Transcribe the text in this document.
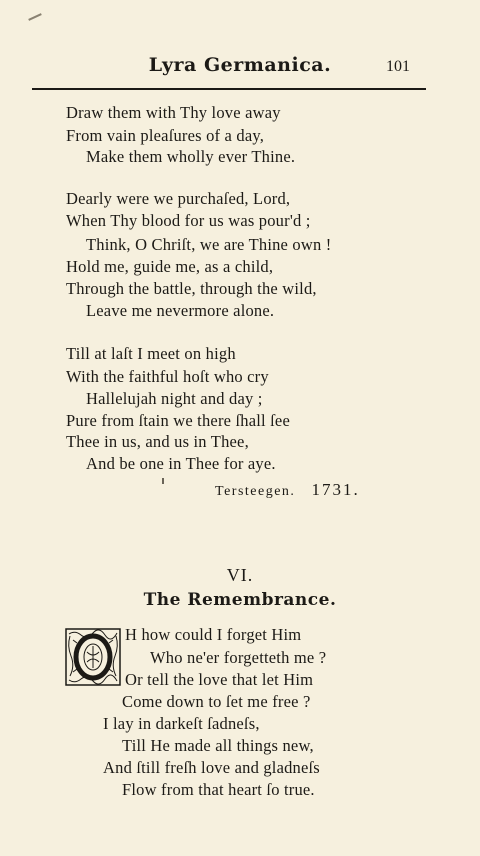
Lyra Germanica.	101
Draw them with Thy love away
From vain pleaſures of a day,
Make them wholly ever Thine.
Dearly were we purchaſed, Lord,
When Thy blood for us was pour'd ;
Think, O Chriſt, we are Thine own !
Hold me, guide me, as a child,
Through the battle, through the wild,
Leave me nevermore alone.
Till at laſt I meet on high
With the faithful hoſt who cry
Hallelujah night and day ;
Pure from ſtain we there ſhall ſee
Thee in us, and us in Thee,
And be one in Thee for aye.
Tersteegen. 1731.
VI.
The Remembrance.
H how could I forget Him
Who ne'er forgetteth me ?
Or tell the love that let Him
Come down to ſet me free ?
I lay in darkeſt ſadneſs,
Till He made all things new,
And ſtill freſh love and gladneſs
Flow from that heart ſo true.
